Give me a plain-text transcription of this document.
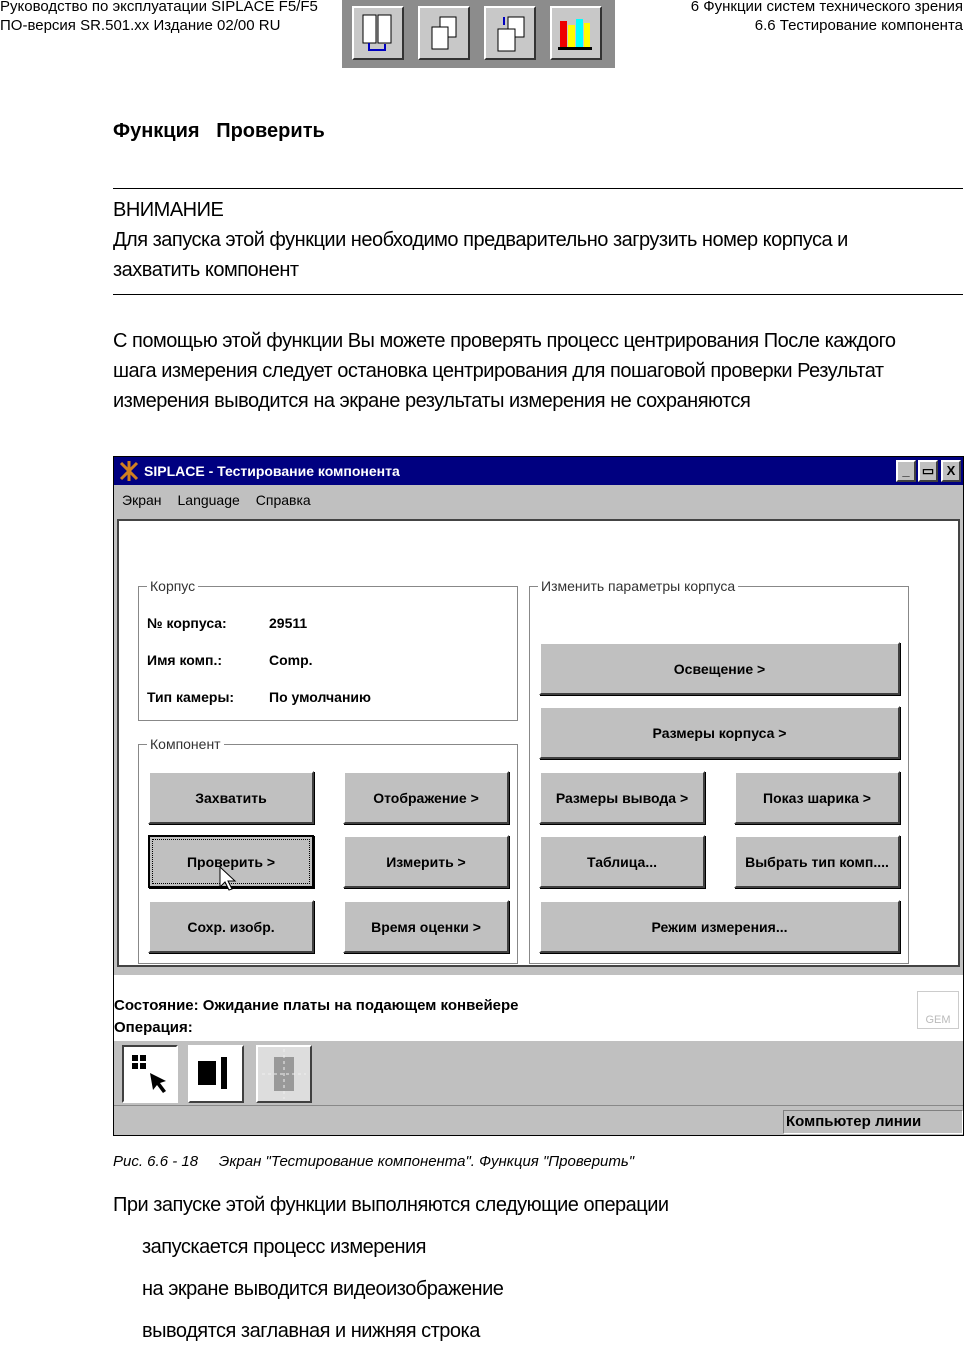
Руководство по эксплуатации SIPLACE F5/F5
ПО-версия SR.501.xx Издание 02/00 RU
6 Функции систем технического зрения
6.6 Тестирование компонента
Функция Проверить
ВНИМАНИЕ
Для запуска этой функции необходимо предварительно загрузить номер корпуса и
захватить компонент
С помощью этой функции Вы можете проверять процесс центрирования После каждого
шага измерения следует остановка центрирования для пошаговой проверки Результат
измерения выводится на экране результаты измерения не сохраняются
SIPLACE - Тестирование компонента	_ ▭ X
Экран Language Справка
Корпус
№ корпуса:	29511
Имя комп.:	Comp.
Тип камеры: По умолчанию
Компонент
Захватить	Отображение >
Проверить >	Измерить >
Сохр. изобр.	Время оценки >
Изменить параметры корпуса
Освещение >
Размеры корпуса >
Размеры вывода >	Показ шарика >
Таблица...	Выбрать тип комп....
Режим измерения...
Состояние: Ожидание платы на подающем конвейере
Операция:	GEM
Компьютер линии
Рис. 6.6 - 18 Экран "Тестирование компонента". Функция "Проверить"
При запуске этой функции выполняются следующие операции
запускается процесс измерения
на экране выводится видеоизображение
выводятся заглавная и нижняя строка
